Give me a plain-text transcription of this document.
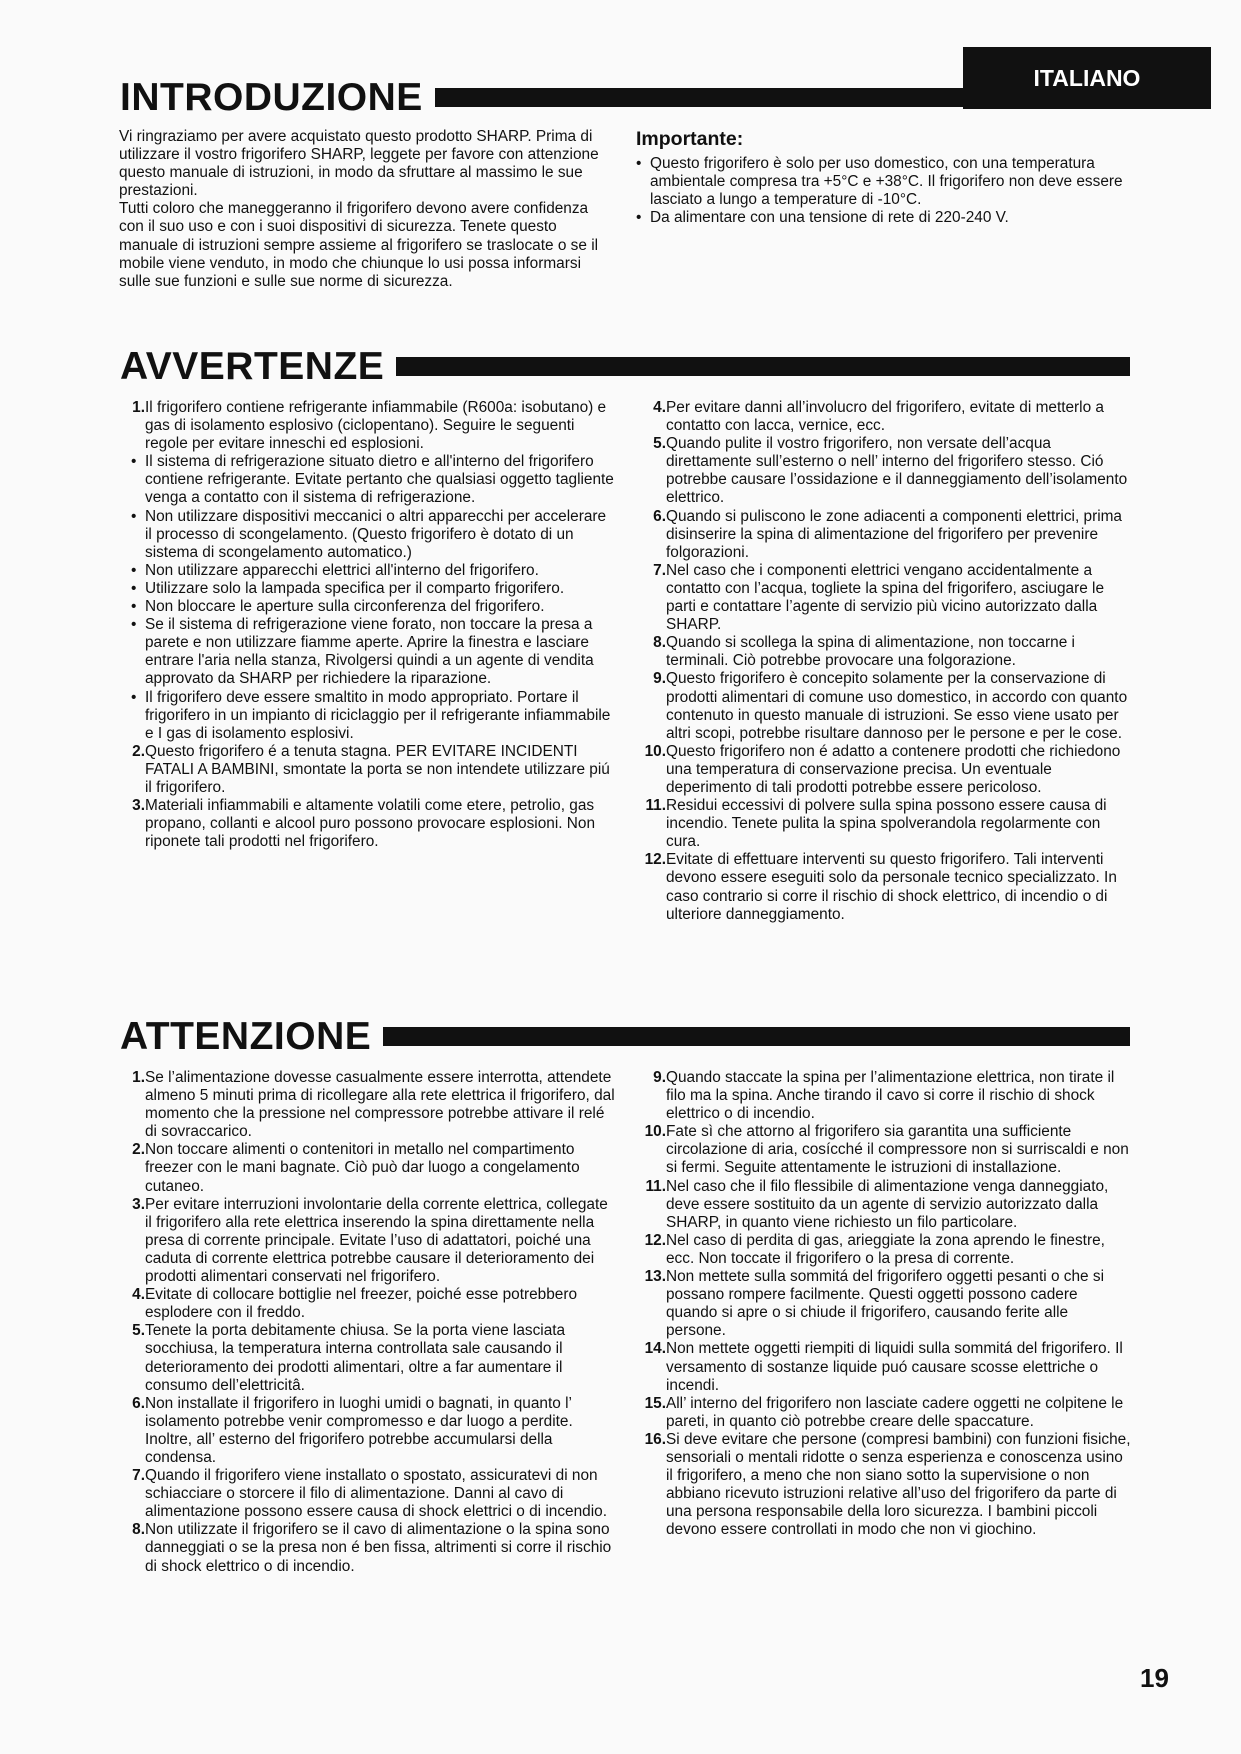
ITALIANO
INTRODUZIONE

Vi ringraziamo per avere acquistato questo prodotto SHARP. Prima di utilizzare il vostro frigorifero SHARP, leggete per favore con attenzione questo manuale di istruzioni, in modo da sfruttare al massimo le sue prestazioni.

Tutti coloro che maneggeranno il frigorifero devono avere confidenza con il suo uso e con i suoi dispositivi di sicurezza. Tenete questo manuale di istruzioni sempre assieme al frigorifero se traslocate o se il mobile viene venduto, in modo che chiunque lo usi possa informarsi sulle sue funzioni e sulle sue norme di sicurezza.

Importante:
• Questo frigorifero è solo per uso domestico, con una temperatura ambientale compresa tra +5°C e +38°C. Il frigorifero non deve essere lasciato a lungo a temperature di -10°C.
• Da alimentare con una tensione di rete di 220-240 V.
AVVERTENZE
1. Il frigorifero contiene refrigerante infiammabile (R600a: isobutano) e gas di isolamento esplosivo (ciclopentano). Seguire le seguenti regole per evitare inneschi ed esplosioni.
• Il sistema di refrigerazione situato dietro e all'interno del frigorifero contiene refrigerante. Evitate pertanto che qualsiasi oggetto tagliente venga a contatto con il sistema di refrigerazione.
• Non utilizzare dispositivi meccanici o altri apparecchi per accelerare il processo di scongelamento. (Questo frigorifero è dotato di un sistema di scongelamento automatico.)
• Non utilizzare apparecchi elettrici all'interno del frigorifero.
• Utilizzare solo la lampada specifica per il comparto frigorifero.
• Non bloccare le aperture sulla circonferenza del frigorifero.
• Se il sistema di refrigerazione viene forato, non toccare la presa a parete e non utilizzare fiamme aperte. Aprire la finestra e lasciare entrare l'aria nella stanza, Rivolgersi quindi a un agente di vendita approvato da SHARP per richiedere la riparazione.
• Il frigorifero deve essere smaltito in modo appropriato. Portare il frigorifero in un impianto di riciclaggio per il refrigerante infiammabile e I gas di isolamento esplosivi.
2. Questo frigorifero é a tenuta stagna. PER EVITARE INCIDENTI FATALI A BAMBINI, smontate la porta se non intendete utilizzare piú il frigorifero.
3. Materiali infiammabili e altamente volatili come etere, petrolio, gas propano, collanti e alcool puro possono provocare esplosioni. Non riponete tali prodotti nel frigorifero.
4. Per evitare danni all’involucro del frigorifero, evitate di metterlo a contatto con lacca, vernice, ecc.
5. Quando pulite il vostro frigorifero, non versate dell’acqua direttamente sull’esterno o nell’ interno del frigorifero stesso. Ció potrebbe causare l’ossidazione e il danneggiamento dell’isolamento elettrico.
6. Quando si puliscono le zone adiacenti a componenti elettrici, prima disinserire la spina di alimentazione del frigorifero per prevenire folgorazioni.
7. Nel caso che i componenti elettrici vengano accidentalmente a contatto con l’acqua, togliete la spina del frigorifero, asciugare le parti e contattare l’agente di servizio più vicino autorizzato dalla SHARP.
8. Quando si scollega la spina di alimentazione, non toccarne i terminali. Ciò potrebbe provocare una folgorazione.
9. Questo frigorifero è concepito solamente per la conservazione di prodotti alimentari di comune uso domestico, in accordo con quanto contenuto in questo manuale di istruzioni. Se esso viene usato per altri scopi, potrebbe risultare dannoso per le persone e per le cose.
10. Questo frigorifero non é adatto a contenere prodotti che richiedono una temperatura di conservazione precisa. Un eventuale deperimento di tali prodotti potrebbe essere pericoloso.
11. Residui eccessivi di polvere sulla spina possono essere causa di incendio. Tenete pulita la spina spolverandola regolarmente con cura.
12. Evitate di effettuare interventi su questo frigorifero. Tali interventi devono essere eseguiti solo da personale tecnico specializzato. In caso contrario si corre il rischio di shock elettrico, di incendio o di ulteriore danneggiamento.
ATTENZIONE
1. Se l’alimentazione dovesse casualmente essere interrotta, attendete almeno 5 minuti prima di ricollegare alla rete elettrica il frigorifero, dal momento che la pressione nel compressore potrebbe attivare il relé di sovraccarico.
2. Non toccare alimenti o contenitori in metallo nel compartimento freezer con le mani bagnate. Ciò può dar luogo a congelamento cutaneo.
3. Per evitare interruzioni involontarie della corrente elettrica, collegate il frigorifero alla rete elettrica inserendo la spina direttamente nella presa di corrente principale. Evitate l’uso di adattatori, poiché una caduta di corrente elettrica potrebbe causare il deterioramento dei prodotti alimentari conservati nel frigorifero.
4. Evitate di collocare bottiglie nel freezer, poiché esse potrebbero esplodere con il freddo.
5. Tenete la porta debitamente chiusa. Se la porta viene lasciata socchiusa, la temperatura interna controllata sale causando il deterioramento dei prodotti alimentari, oltre a far aumentare il consumo dell’elettricitâ.
6. Non installate il frigorifero in luoghi umidi o bagnati, in quanto l’ isolamento potrebbe venir compromesso e dar luogo a perdite. Inoltre, all’ esterno del frigorifero potrebbe accumularsi della condensa.
7. Quando il frigorifero viene installato o spostato, assicuratevi di non schiacciare o storcere il filo di alimentazione. Danni al cavo di alimentazione possono essere causa di shock elettrici o di incendio.
8. Non utilizzate il frigorifero se il cavo di alimentazione o la spina sono danneggiati o se la presa non é ben fissa, altrimenti si corre il rischio di shock elettrico o di incendio.
9. Quando staccate la spina per l’alimentazione elettrica, non tirate il filo ma la spina. Anche tirando il cavo si corre il rischio di shock elettrico o di incendio.
10. Fate sì che attorno al frigorifero sia garantita una sufficiente circolazione di aria, cosícché il compressore non si surriscaldi e non si fermi. Seguite attentamente le istruzioni di installazione.
11. Nel caso che il filo flessibile di alimentazione venga danneggiato, deve essere sostituito da un agente di servizio autorizzato dalla SHARP, in quanto viene richiesto un filo particolare.
12. Nel caso di perdita di gas, arieggiate la zona aprendo le finestre, ecc. Non toccate il frigorifero o la presa di corrente.
13. Non mettete sulla sommitá del frigorifero oggetti pesanti o che si possano rompere facilmente. Questi oggetti possono cadere quando si apre o si chiude il frigorifero, causando ferite alle persone.
14. Non mettete oggetti riempiti di liquidi sulla sommitá del frigorifero. Il versamento di sostanze liquide puó causare scosse elettriche o incendi.
15. All’ interno del frigorifero non lasciate cadere oggetti ne colpitene le pareti, in quanto ciò potrebbe creare delle spaccature.
16. Si deve evitare che persone (compresi bambini) con funzioni fisiche, sensoriali o mentali ridotte o senza esperienza e conoscenza usino il frigorifero, a meno che non siano sotto la supervisione o non abbiano ricevuto istruzioni relative all’uso del frigorifero da parte di una persona responsabile della loro sicurezza. I bambini piccoli devono essere controllati in modo che non vi giochino.
19
